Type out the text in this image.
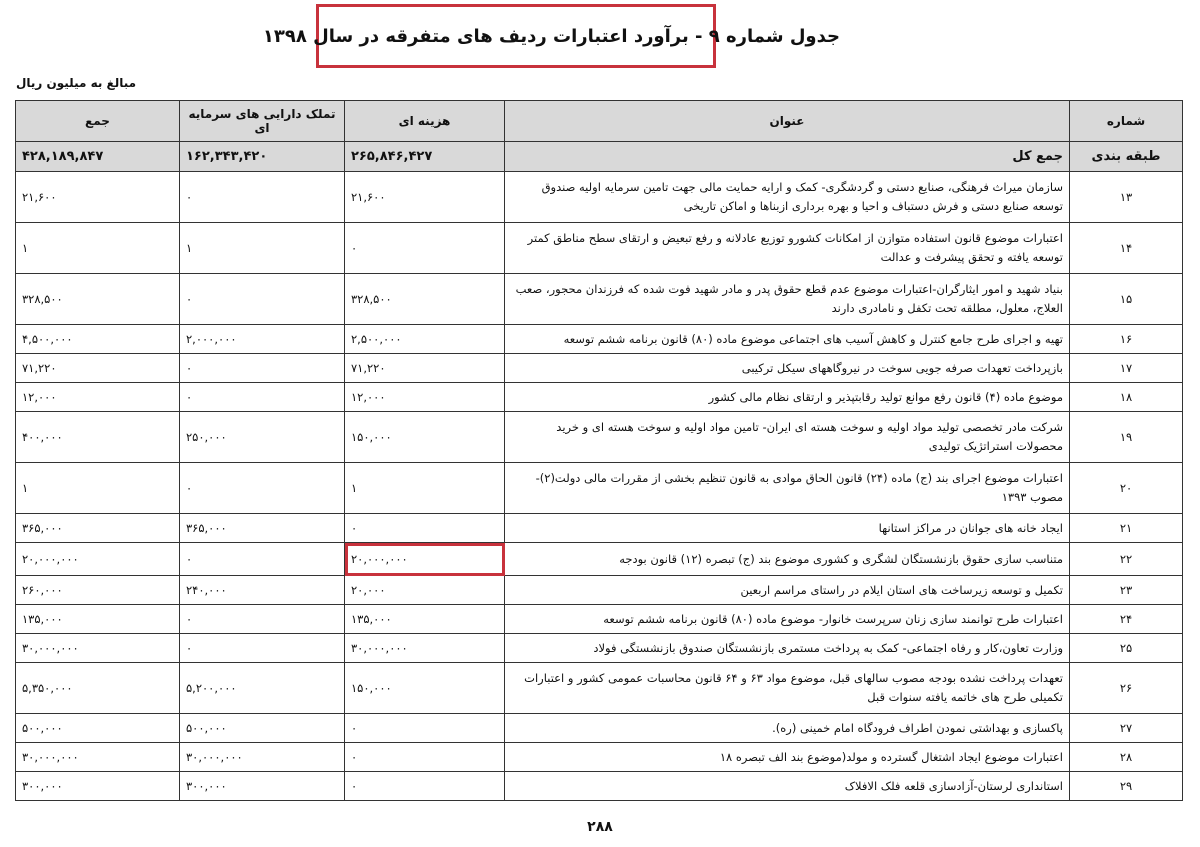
جدول شماره ۹ - برآورد اعتبارات ردیف های متفرقه در سال ۱۳۹۸
مبالغ به میلیون ریال
شماره	عنوان	هزینه ای	تملک دارایی های سرمایه ای	جمع
طبقه بندی	جمع کل	۲۶۵,۸۴۶,۴۲۷	۱۶۲,۳۴۳,۴۲۰	۴۲۸,۱۸۹,۸۴۷
۱۳	سازمان میراث فرهنگی، صنایع دستی و گردشگری- کمک و ارایه حمایت مالی جهت تامین سرمایه اولیه صندوق توسعه صنایع دستی و فرش دستباف و احیا و بهره برداری ازبناها و اماکن تاریخی	۲۱,۶۰۰	۰	۲۱,۶۰۰
۱۴	اعتبارات موضوع قانون استفاده متوازن از امکانات کشورو توزیع عادلانه و رفع تبعیض و ارتقای سطح مناطق کمتر توسعه یافته و تحقق پیشرفت و عدالت	۰	۱	۱
۱۵	بنیاد شهید و امور ایثارگران-اعتبارات موضوع عدم قطع حقوق پدر و مادر شهید فوت شده که فرزندان محجور، صعب العلاج، معلول، مطلقه تحت تکفل و نامادری دارند	۳۲۸,۵۰۰	۰	۳۲۸,۵۰۰
۱۶	تهیه و اجرای طرح جامع کنترل و کاهش آسیب های اجتماعی موضوع ماده (۸۰) قانون برنامه ششم توسعه	۲,۵۰۰,۰۰۰	۲,۰۰۰,۰۰۰	۴,۵۰۰,۰۰۰
۱۷	بازپرداخت تعهدات صرفه جویی سوخت در نیروگاههای سیکل ترکیبی	۷۱,۲۲۰	۰	۷۱,۲۲۰
۱۸	موضوع ماده (۴) قانون رفع موانع تولید رقابتپذیر و ارتقای نظام مالی کشور	۱۲,۰۰۰	۰	۱۲,۰۰۰
۱۹	شرکت مادر تخصصی تولید مواد اولیه و سوخت هسته ای ایران- تامین مواد اولیه و سوخت هسته ای و خرید محصولات استراتژیک تولیدی	۱۵۰,۰۰۰	۲۵۰,۰۰۰	۴۰۰,۰۰۰
۲۰	اعتبارات موضوع اجرای بند (ج) ماده (۲۴) قانون الحاق موادی به قانون تنظیم بخشی از مقررات مالی دولت(۲)- مصوب ۱۳۹۳	۱	۰	۱
۲۱	ایجاد خانه های جوانان در مراکز استانها	۰	۳۶۵,۰۰۰	۳۶۵,۰۰۰
۲۲	متناسب سازی حقوق بازنشستگان لشگری و کشوری موضوع بند (ج) تبصره (۱۲) قانون بودجه	۲۰,۰۰۰,۰۰۰	۰	۲۰,۰۰۰,۰۰۰
۲۳	تکمیل و توسعه زیرساخت های استان ایلام در راستای مراسم اربعین	۲۰,۰۰۰	۲۴۰,۰۰۰	۲۶۰,۰۰۰
۲۴	اعتبارات طرح توانمند سازی زنان سرپرست خانوار- موضوع ماده (۸۰) قانون برنامه ششم توسعه	۱۳۵,۰۰۰	۰	۱۳۵,۰۰۰
۲۵	وزارت تعاون،کار و رفاه اجتماعی- کمک به پرداخت مستمری بازنشستگان صندوق بازنشستگی فولاد	۳۰,۰۰۰,۰۰۰	۰	۳۰,۰۰۰,۰۰۰
۲۶	تعهدات پرداخت نشده بودجه مصوب سالهای قبل، موضوع مواد ۶۳ و ۶۴ قانون محاسبات عمومی کشور و اعتبارات تکمیلی طرح های خاتمه یافته سنوات قبل	۱۵۰,۰۰۰	۵,۲۰۰,۰۰۰	۵,۳۵۰,۰۰۰
۲۷	پاکسازی و بهداشتی نمودن اطراف فرودگاه امام خمینی (ره).	۰	۵۰۰,۰۰۰	۵۰۰,۰۰۰
۲۸	اعتبارات موضوع ایجاد اشتغال گسترده و مولد(موضوع بند الف تبصره ۱۸	۰	۳۰,۰۰۰,۰۰۰	۳۰,۰۰۰,۰۰۰
۲۹	استانداری لرستان-آزادسازی قلعه فلک الافلاک	۰	۳۰۰,۰۰۰	۳۰۰,۰۰۰
۲۸۸
